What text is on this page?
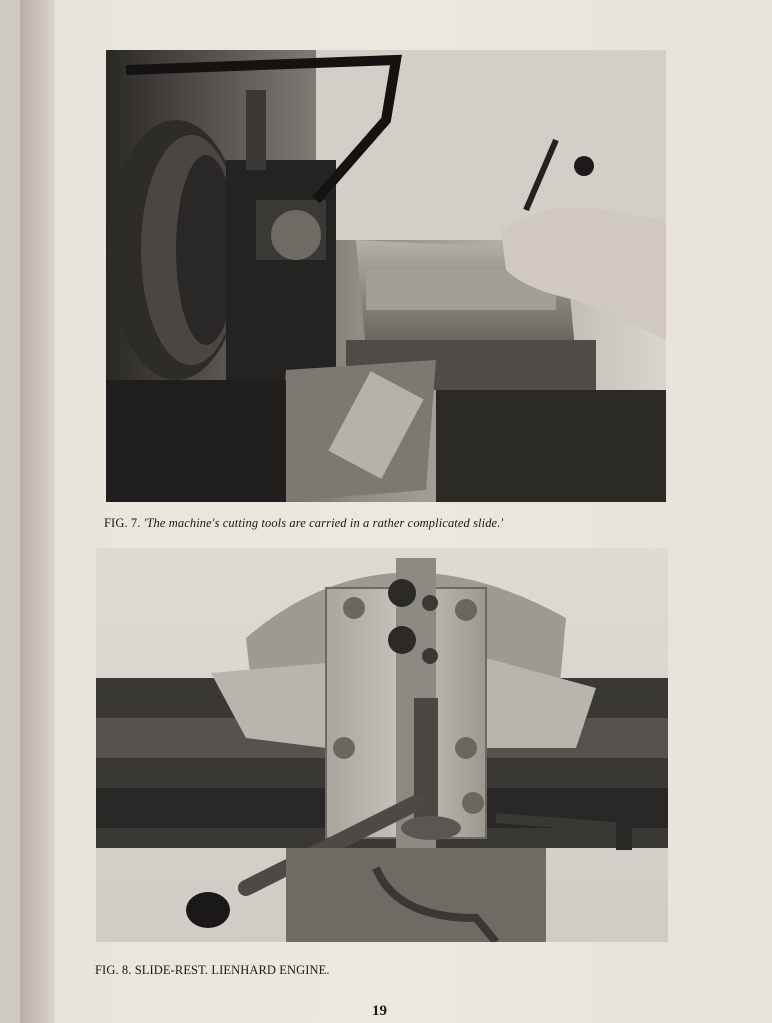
FIG. 7. 'The machine's cutting tools are carried in a rather complicated slide.'
FIG. 8. SLIDE-REST. LIENHARD ENGINE.
19
